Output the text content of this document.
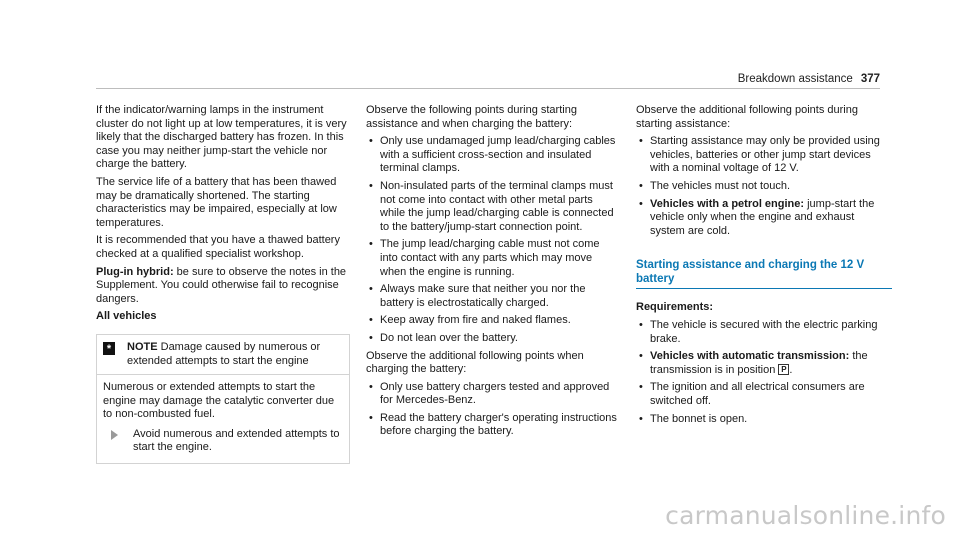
Breakdown assistance 377

If the indicator/warning lamps in the instrument cluster do not light up at low temperatures, it is very likely that the discharged battery has frozen. In this case you may neither jump-start the vehicle nor charge the battery.

The service life of a battery that has been thawed may be dramatically shortened. The starting characteristics may be impaired, especially at low temperatures.

It is recommended that you have a thawed battery checked at a qualified specialist workshop.

Plug-in hybrid: be sure to observe the notes in the Supplement. You could otherwise fail to recognise dangers.

All vehicles

*	NOTE Damage caused by numerous or extended attempts to start the engine

Numerous or extended attempts to start the engine may damage the catalytic converter due to non-combusted fuel.

Avoid numerous and extended attempts to start the engine.

Observe the following points during starting assistance and when charging the battery:

• Only use undamaged jump lead/charging cables with a sufficient cross-section and insulated terminal clamps.
• Non-insulated parts of the terminal clamps must not come into contact with other metal parts while the jump lead/charging cable is connected to the battery/jump-start connection point.
• The jump lead/charging cable must not come into contact with any parts which may move when the engine is running.
• Always make sure that neither you nor the battery is electrostatically charged.
• Keep away from fire and naked flames.
• Do not lean over the battery.

Observe the additional following points when charging the battery:

• Only use battery chargers tested and approved for Mercedes-Benz.
• Read the battery charger's operating instructions before charging the battery.

Observe the additional following points during starting assistance:

• Starting assistance may only be provided using vehicles, batteries or other jump start devices with a nominal voltage of 12 V.
• The vehicles must not touch.
• Vehicles with a petrol engine: jump-start the vehicle only when the engine and exhaust system are cold.
Starting assistance and charging the 12 V battery

Requirements:

• The vehicle is secured with the electric parking brake.
• Vehicles with automatic transmission: the transmission is in position P .
• The ignition and all electrical consumers are switched off.
• The bonnet is open.
carmanualsonline.info
